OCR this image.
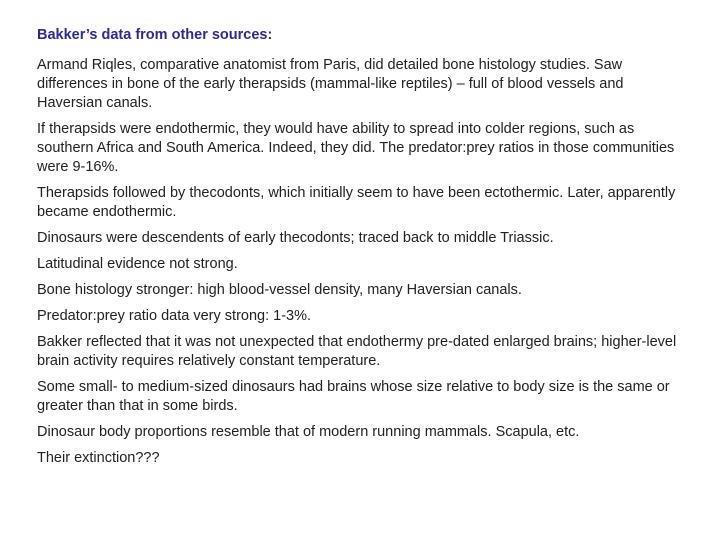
Bakker’s data from other sources:
Armand Riqles, comparative anatomist from Paris, did detailed bone histology studies. Saw differences in bone of the early therapsids (mammal-like reptiles) – full of blood vessels and Haversian canals.
If therapsids were endothermic, they would have ability to spread into colder regions, such as southern Africa and South America. Indeed, they did. The predator:prey ratios in those communities were 9-16%.
Therapsids followed by thecodonts, which initially seem to have been ectothermic. Later, apparently became endothermic.
Dinosaurs were descendents of early thecodonts; traced back to middle Triassic.
Latitudinal evidence not strong.
Bone histology stronger: high blood-vessel density, many Haversian canals.
Predator:prey ratio data very strong: 1-3%.
Bakker reflected that it was not unexpected that endothermy pre-dated enlarged brains; higher-level brain activity requires relatively constant temperature.
Some small- to medium-sized dinosaurs had brains whose size relative to body size is the same or greater than that in some birds.
Dinosaur body proportions resemble that of modern running mammals. Scapula, etc.
Their extinction???
